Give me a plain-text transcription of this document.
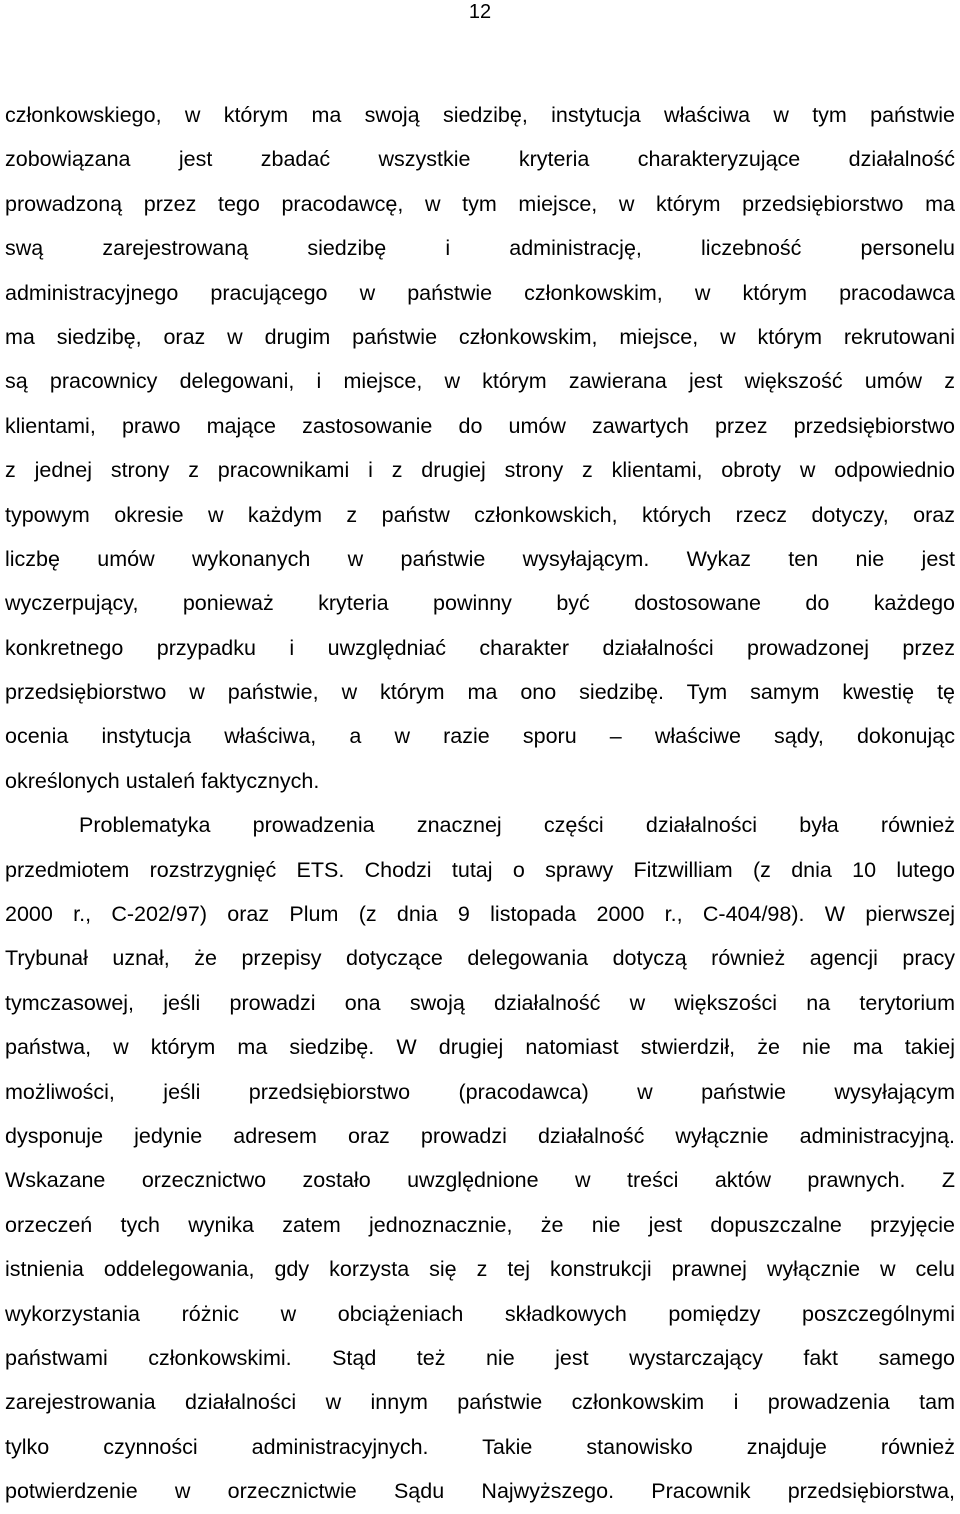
12
członkowskiego, w którym ma swoją siedzibę, instytucja właściwa w tym państwie
zobowiązana jest zbadać wszystkie kryteria charakteryzujące działalność
prowadzoną przez tego pracodawcę, w tym miejsce, w którym przedsiębiorstwo ma
swą zarejestrowaną siedzibę i administrację, liczebność personelu
administracyjnego pracującego w państwie członkowskim, w którym pracodawca
ma siedzibę, oraz w drugim państwie członkowskim, miejsce, w którym rekrutowani
są pracownicy delegowani, i miejsce, w którym zawierana jest większość umów z
klientami, prawo mające zastosowanie do umów zawartych przez przedsiębiorstwo
z jednej strony z pracownikami i z drugiej strony z klientami, obroty w odpowiednio
typowym okresie w każdym z państw członkowskich, których rzecz dotyczy, oraz
liczbę umów wykonanych w państwie wysyłającym. Wykaz ten nie jest
wyczerpujący, ponieważ kryteria powinny być dostosowane do każdego
konkretnego przypadku i uwzględniać charakter działalności prowadzonej przez
przedsiębiorstwo w państwie, w którym ma ono siedzibę. Tym samym kwestię tę
ocenia instytucja właściwa, a w razie sporu – właściwe sądy, dokonując
określonych ustaleń faktycznych.
Problematyka prowadzenia znacznej części działalności była również
przedmiotem rozstrzygnięć ETS. Chodzi tutaj o sprawy Fitzwilliam (z dnia 10 lutego
2000 r., C-202/97) oraz Plum (z dnia 9 listopada 2000 r., C-404/98). W pierwszej
Trybunał uznał, że przepisy dotyczące delegowania dotyczą również agencji pracy
tymczasowej, jeśli prowadzi ona swoją działalność w większości na terytorium
państwa, w którym ma siedzibę. W drugiej natomiast stwierdził, że nie ma takiej
możliwości, jeśli przedsiębiorstwo (pracodawca) w państwie wysyłającym
dysponuje jedynie adresem oraz prowadzi działalność wyłącznie administracyjną.
Wskazane orzecznictwo zostało uwzględnione w treści aktów prawnych. Z
orzeczeń tych wynika zatem jednoznacznie, że nie jest dopuszczalne przyjęcie
istnienia oddelegowania, gdy korzysta się z tej konstrukcji prawnej wyłącznie w celu
wykorzystania różnic w obciążeniach składkowych pomiędzy poszczególnymi
państwami członkowskimi. Stąd też nie jest wystarczający fakt samego
zarejestrowania działalności w innym państwie członkowskim i prowadzenia tam
tylko czynności administracyjnych. Takie stanowisko znajduje również
potwierdzenie w orzecznictwie Sądu Najwyższego. Pracownik przedsiębiorstwa,
